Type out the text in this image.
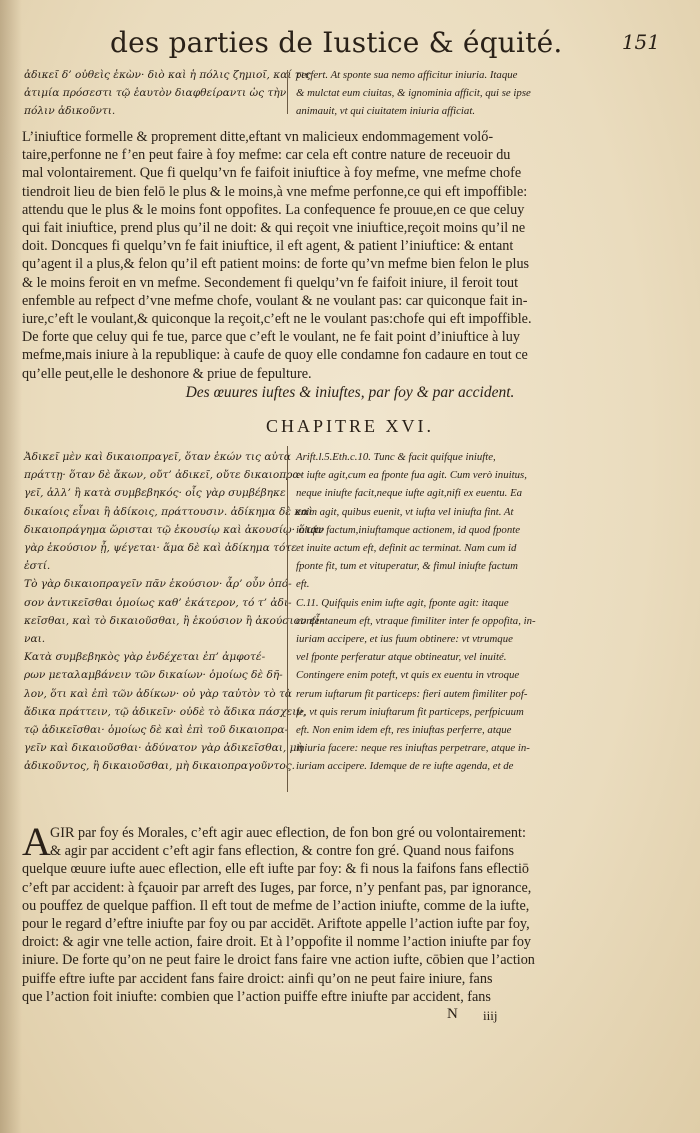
des parties de Iustice & équité.	151
ἀδικεῖ δ’ οὐθεὶς ἑκὼν· διὸ καὶ ἡ πόλις ζημιοῖ, καί τις
ἀτιμία πρόσεστι τῷ ἑαυτὸν διαφθείραντι ὡς τὴν
πόλιν ἀδικοῦντι.
perfert. At sponte sua nemo afficitur iniuria. Itaque
& mulctat eum ciuitas, & ignominia afficit, qui se ipse
animauit, vt qui ciuitatem iniuria afficiat.
L’iniuftice formelle & proprement ditte,eftant vn malicieux endommagement volő-
taire,perfonne ne f’en peut faire à foy mefme: car cela eft contre nature de receuoir du
mal volontairement. Que fi quelqu’vn fe faifoit iniuftice à foy mefme, vne mefme chofe
tiendroit lieu de bien felō le plus & le moins,à vne mefme perfonne,ce qui eft impoffible:
attendu que le plus & le moins font oppofites. La confequence fe prouue,en ce que celuy
qui fait iniuftice, prend plus qu’il ne doit: & qui reçoit vne iniuftice,reçoit moins qu’il ne
doit. Doncques fi quelqu’vn fe fait iniuftice, il eft agent, & patient l’iniuftice: & entant
qu’agent il a plus,& felon qu’il eft patient moins: de forte qu’vn mefme bien felon le plus
& le moins feroit en vn mefme. Secondement fi quelqu’vn fe faifoit iniure, il feroit tout
enfemble au refpect d’vne mefme chofe, voulant & ne voulant pas: car quiconque fait in-
iure,c’eft le voulant,& quiconque la reçoit,c’eft ne le voulant pas:chofe qui eft impoffible.
De forte que celuy qui fe tue, parce que c’eft le voulant, ne fe fait point d’iniuftice à luy
mefme,mais iniure à la republique: à caufe de quoy elle condamne fon cadaure en tout ce
qu’elle peut,elle le deshonore & priue de fepulture.
Des œuures iuftes & iniuftes, par foy & par accident.
CHAPITRE XVI.
Ἀδικεῖ μὲν καὶ δικαιοπραγεῖ, ὅταν ἑκών τις αὐτὰ
πράττῃ· ὅταν δὲ ἄκων, οὔτ’ ἀδικεῖ, οὔτε δικαιοπρα-
γεῖ, ἀλλ’ ἢ κατὰ συμβεβηκός· οἷς γὰρ συμβέβηκε
δικαίοις εἶναι ἢ ἀδίκοις, πράττουσιν. ἀδίκημα δὲ καὶ
δικαιοπράγημα ὥρισται τῷ ἑκουσίῳ καὶ ἀκουσίῳ· ὅταν
γὰρ ἑκούσιον ᾖ, ψέγεται· ἅμα δὲ καὶ ἀδίκημα τότε
ἐστί.
Τὸ γὰρ δικαιοπραγεῖν πᾶν ἑκούσιον· ἆρ’ οὖν ὁπό-
σον ἀντικεῖσθαι ὁμοίως καθ’ ἑκάτερον, τό τ’ ἀδι-
κεῖσθαι, καὶ τὸ δικαιοῦσθαι, ἢ ἑκούσιον ἢ ἀκούσιον εἶ-
ναι.
Κατὰ συμβεβηκὸς γὰρ ἐνδέχεται ἐπ’ ἀμφοτέ-
ρων μεταλαμβάνειν τῶν δικαίων· ὁμοίως δὲ δῆ-
λον, ὅτι καὶ ἐπὶ τῶν ἀδίκων· οὐ γὰρ ταὐτὸν τὸ τὰ
ἄδικα πράττειν, τῷ ἀδικεῖν· οὐδὲ τὸ ἄδικα πάσχειν,
τῷ ἀδικεῖσθαι· ὁμοίως δὲ καὶ ἐπὶ τοῦ δικαιοπρα-
γεῖν καὶ δικαιοῦσθαι· ἀδύνατον γὰρ ἀδικεῖσθαι, μὴ
ἀδικοῦντος, ἢ δικαιοῦσθαι, μὴ δικαιοπραγοῦντος.
Arift.l.5.Eth.c.10. Tunc & facit quifque iniufte,
et iufte agit,cum ea fponte fua agit. Cum verò inuitus,
neque iniufte facit,neque iufte agit,nifi ex euentu. Ea
enim agit, quibus euenit, vt iufta vel iniufta fint. At
iniufte factum,iniuftamque actionem, id quod fponte
et inuite actum eft, definit ac terminat. Nam cum id
fponte fit, tum et vituperatur, & fimul iniufte factum
eft.
C.11. Quifquis enim iufte agit, fponte agit: itaque
confentaneum eft, vtraque fimiliter inter fe oppofita, in-
iuriam accipere, et ius fuum obtinere: vt vtrumque
vel fponte perferatur atque obtineatur, vel inuité.
Contingere enim poteft, vt quis ex euentu in vtroque
rerum iuftarum fit particeps: fieri autem fimiliter pof-
fe, vt quis rerum iniuftarum fit particeps, perfpicuum
eft. Non enim idem eft, res iniuftas perferre, atque
iniuria facere: neque res iniuftas perpetrare, atque in-
iuriam accipere. Idemque de re iufte agenda, et de
A GIR par foy és Morales, c’eft agir auec eflection, de fon bon gré ou volontairement:
& agir par accident c’eft agir fans eflection, & contre fon gré. Quand nous faifons
quelque œuure iufte auec eflection, elle eft iufte par foy: & fi nous la faifons fans eflectiō
c’eft par accident: à fçauoir par arreft des Iuges, par force, n’y penfant pas, par ignorance,
ou pouffez de quelque paffion. Il eft tout de mefme de l’action iniufte, comme de la iufte,
pour le regard d’eftre iniufte par foy ou par accidēt. Ariftote appelle l’action iufte par foy,
droict: & agir vne telle action, faire droit. Et à l’oppofite il nomme l’action iniufte par foy
iniure. De forte qu’on ne peut faire le droict fans faire vne action iufte, cōbien que l’action
puiffe eftre iufte par accident fans faire droict: ainfi qu’on ne peut faire iniure, fans
que l’action foit iniufte: combien que l’action puiffe eftre iniufte par accident, fans
N iiij
